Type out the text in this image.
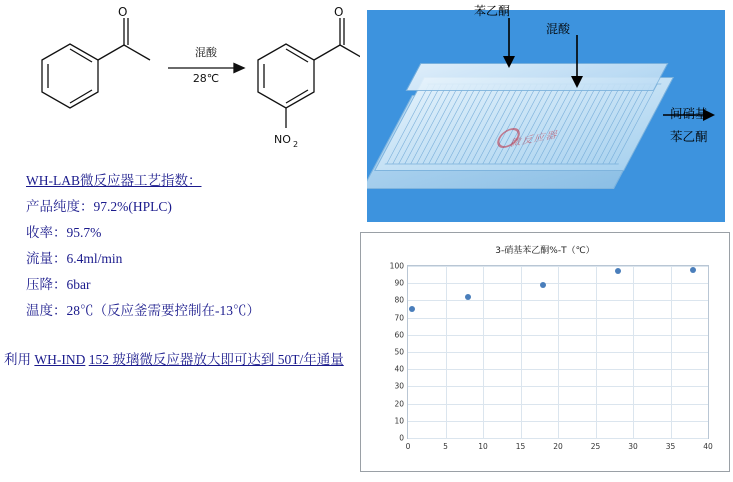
O	O
NO 2
混酸
28℃
WH-LAB微反应器工艺指数：
产品纯度：97.2%(HPLC)
收率：95.7%
流量：6.4ml/min
压降：6bar
温度：28℃（反应釜需要控制在-13℃）
利用 WH-IND 152 玻璃微反应器放大即可达到 50T/年通量
微反应器
苯乙酮
混酸
间硝基
苯乙酮
3-硝基苯乙酮%-T（℃）
100
90
80
70
60
50
40
30
20
10
0
0	5	10	15	20	25	30	35	40
